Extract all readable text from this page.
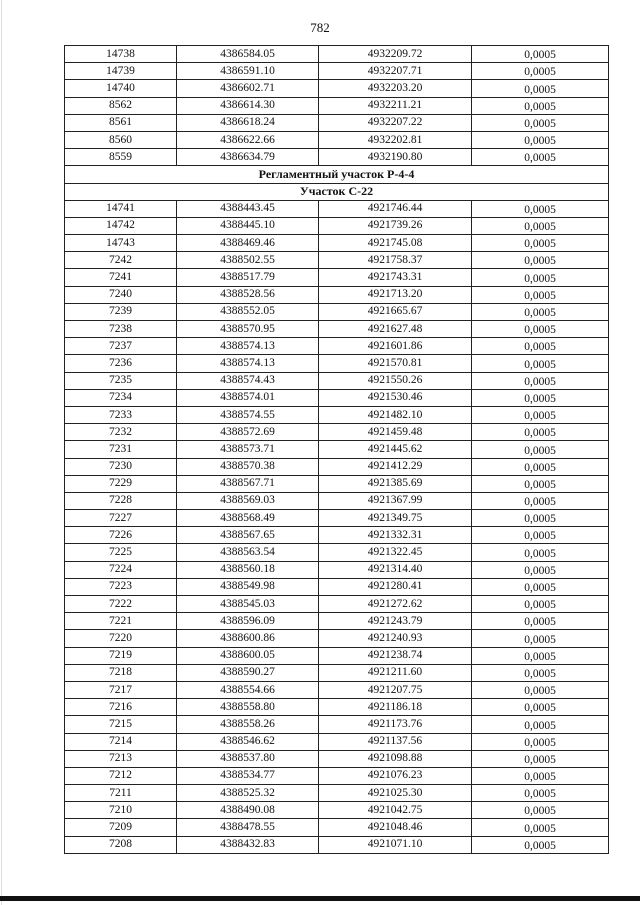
782
14738	4386584.05	4932209.72	0,0005
14739	4386591.10	4932207.71	0,0005
14740	4386602.71	4932203.20	0,0005
8562	4386614.30	4932211.21	0,0005
8561	4386618.24	4932207.22	0,0005
8560	4386622.66	4932202.81	0,0005
8559	4386634.79	4932190.80	0,0005
Регламентный участок Р-4-4			
Участок С-22			
14741	4388443.45	4921746.44	0,0005
14742	4388445.10	4921739.26	0,0005
14743	4388469.46	4921745.08	0,0005
7242	4388502.55	4921758.37	0,0005
7241	4388517.79	4921743.31	0,0005
7240	4388528.56	4921713.20	0,0005
7239	4388552.05	4921665.67	0,0005
7238	4388570.95	4921627.48	0,0005
7237	4388574.13	4921601.86	0,0005
7236	4388574.13	4921570.81	0,0005
7235	4388574.43	4921550.26	0,0005
7234	4388574.01	4921530.46	0,0005
7233	4388574.55	4921482.10	0,0005
7232	4388572.69	4921459.48	0,0005
7231	4388573.71	4921445.62	0,0005
7230	4388570.38	4921412.29	0,0005
7229	4388567.71	4921385.69	0,0005
7228	4388569.03	4921367.99	0,0005
7227	4388568.49	4921349.75	0,0005
7226	4388567.65	4921332.31	0,0005
7225	4388563.54	4921322.45	0,0005
7224	4388560.18	4921314.40	0,0005
7223	4388549.98	4921280.41	0,0005
7222	4388545.03	4921272.62	0,0005
7221	4388596.09	4921243.79	0,0005
7220	4388600.86	4921240.93	0,0005
7219	4388600.05	4921238.74	0,0005
7218	4388590.27	4921211.60	0,0005
7217	4388554.66	4921207.75	0,0005
7216	4388558.80	4921186.18	0,0005
7215	4388558.26	4921173.76	0,0005
7214	4388546.62	4921137.56	0,0005
7213	4388537.80	4921098.88	0,0005
7212	4388534.77	4921076.23	0,0005
7211	4388525.32	4921025.30	0,0005
7210	4388490.08	4921042.75	0,0005
7209	4388478.55	4921048.46	0,0005
7208	4388432.83	4921071.10	0,0005
